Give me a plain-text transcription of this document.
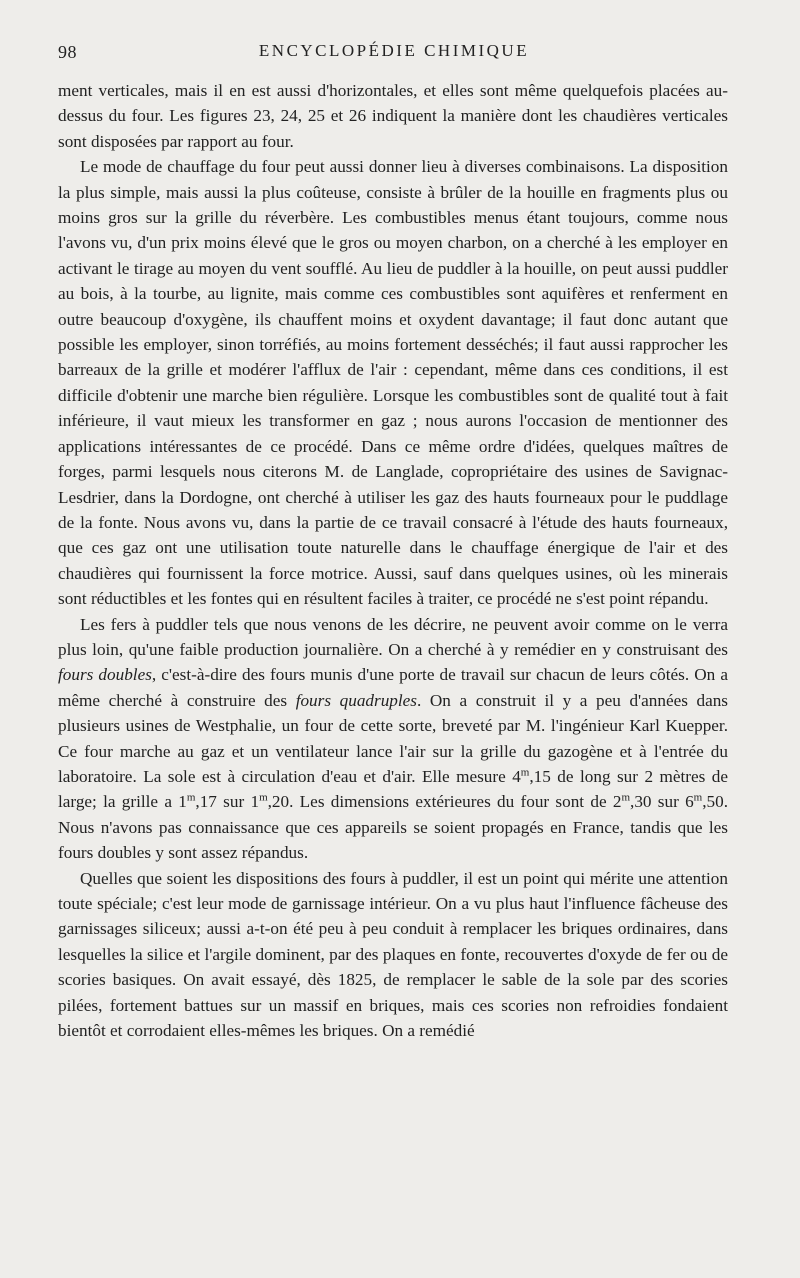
98	ENCYCLOPÉDIE CHIMIQUE

ment verticales, mais il en est aussi d'horizontales, et elles sont même quelquefois placées au-dessus du four. Les figures 23, 24, 25 et 26 indiquent la manière dont les chaudières verticales sont disposées par rapport au four.

Le mode de chauffage du four peut aussi donner lieu à diverses combinaisons. La disposition la plus simple, mais aussi la plus coûteuse, consiste à brûler de la houille en fragments plus ou moins gros sur la grille du réverbère. Les combustibles menus étant toujours, comme nous l'avons vu, d'un prix moins élevé que le gros ou moyen charbon, on a cherché à les employer en activant le tirage au moyen du vent soufflé. Au lieu de puddler à la houille, on peut aussi puddler au bois, à la tourbe, au lignite, mais comme ces combustibles sont aquifères et renferment en outre beaucoup d'oxygène, ils chauffent moins et oxydent davantage; il faut donc autant que possible les employer, sinon torréfiés, au moins fortement desséchés; il faut aussi rapprocher les barreaux de la grille et modérer l'afflux de l'air : cependant, même dans ces conditions, il est difficile d'obtenir une marche bien régulière. Lorsque les combustibles sont de qualité tout à fait inférieure, il vaut mieux les transformer en gaz ; nous aurons l'occasion de mentionner des applications intéressantes de ce procédé. Dans ce même ordre d'idées, quelques maîtres de forges, parmi lesquels nous citerons M. de Langlade, copropriétaire des usines de Savignac-Lesdrier, dans la Dordogne, ont cherché à utiliser les gaz des hauts fourneaux pour le puddlage de la fonte. Nous avons vu, dans la partie de ce travail consacré à l'étude des hauts fourneaux, que ces gaz ont une utilisation toute naturelle dans le chauffage énergique de l'air et des chaudières qui fournissent la force motrice. Aussi, sauf dans quelques usines, où les minerais sont réductibles et les fontes qui en résultent faciles à traiter, ce procédé ne s'est point répandu.

Les fers à puddler tels que nous venons de les décrire, ne peuvent avoir comme on le verra plus loin, qu'une faible production journalière. On a cherché à y remédier en y construisant des fours doubles, c'est-à-dire des fours munis d'une porte de travail sur chacun de leurs côtés. On a même cherché à construire des fours quadruples. On a construit il y a peu d'années dans plusieurs usines de Westphalie, un four de cette sorte, breveté par M. l'ingénieur Karl Kuepper. Ce four marche au gaz et un ventilateur lance l'air sur la grille du gazogène et à l'entrée du laboratoire. La sole est à circulation d'eau et d'air. Elle mesure 4$^m$,15 de long sur 2 mètres de large; la grille a 1$^m$,17 sur 1$^m$,20. Les dimensions extérieures du four sont de 2$^m$,30 sur 6$^m$,50. Nous n'avons pas connaissance que ces appareils se soient propagés en France, tandis que les fours doubles y sont assez répandus.

Quelles que soient les dispositions des fours à puddler, il est un point qui mérite une attention toute spéciale; c'est leur mode de garnissage intérieur. On a vu plus haut l'influence fâcheuse des garnissages siliceux; aussi a-t-on été peu à peu conduit à remplacer les briques ordinaires, dans lesquelles la silice et l'argile dominent, par des plaques en fonte, recouvertes d'oxyde de fer ou de scories basiques. On avait essayé, dès 1825, de remplacer le sable de la sole par des scories pilées, fortement battues sur un massif en briques, mais ces scories non refroidies fondaient bientôt et corrodaient elles-mêmes les briques. On a remédié
